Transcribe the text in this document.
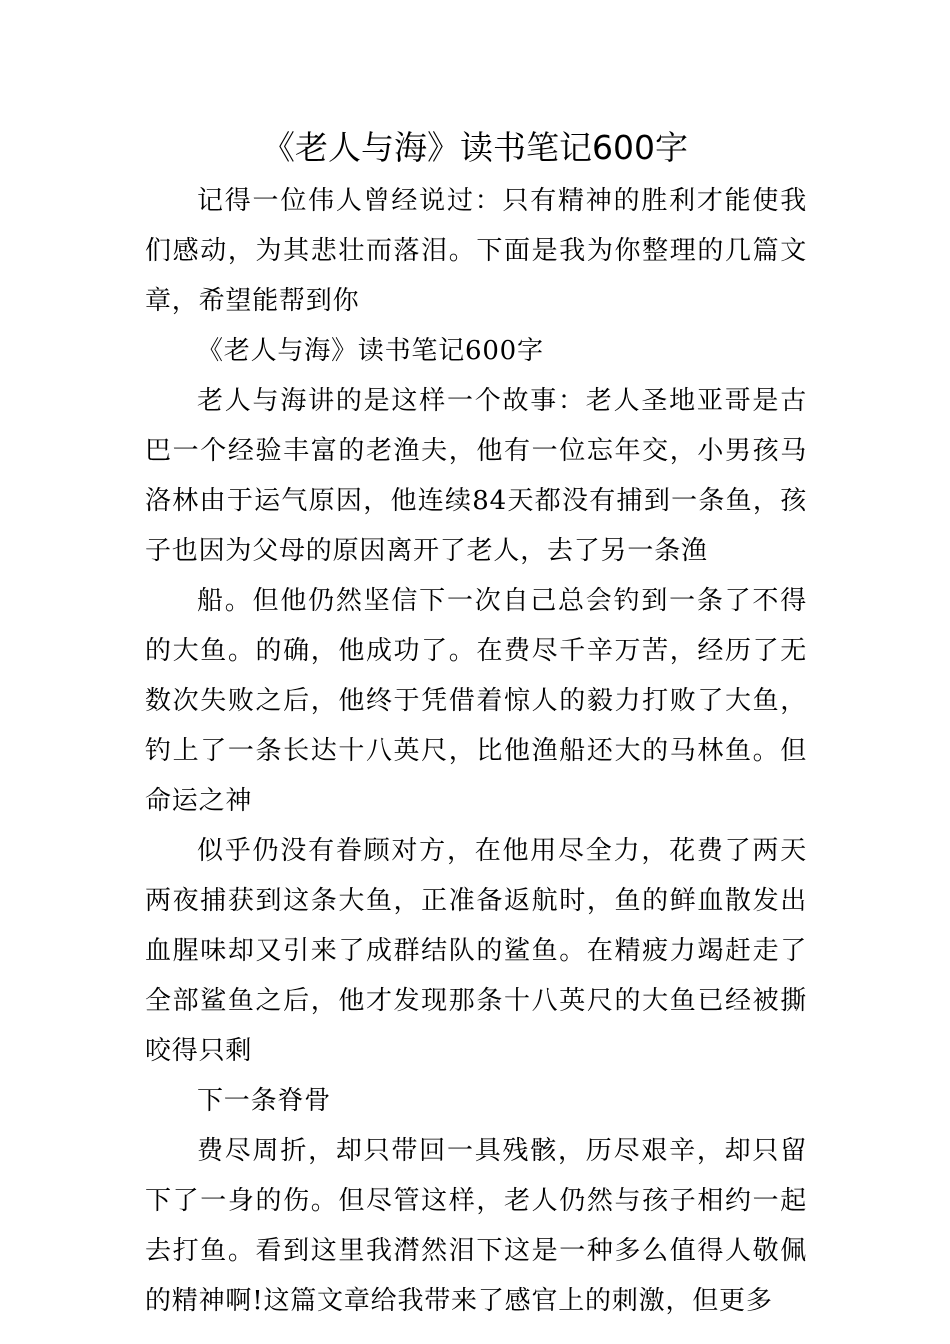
《老人与海》读书笔记600字

记得一位伟人曾经说过：只有精神的胜利才能使我们感动，为其悲壮而落泪。下面是我为你整理的几篇文章，希望能帮到你

《老人与海》读书笔记600字

老人与海讲的是这样一个故事：老人圣地亚哥是古巴一个经验丰富的老渔夫，他有一位忘年交，小男孩马洛林由于运气原因，他连续84天都没有捕到一条鱼，孩子也因为父母的原因离开了老人，去了另一条渔

船。但他仍然坚信下一次自己总会钓到一条了不得的大鱼。的确，他成功了。在费尽千辛万苦，经历了无数次失败之后，他终于凭借着惊人的毅力打败了大鱼，钓上了一条长达十八英尺，比他渔船还大的马林鱼。但命运之神

似乎仍没有眷顾对方，在他用尽全力，花费了两天两夜捕获到这条大鱼，正准备返航时，鱼的鲜血散发出血腥味却又引来了成群结队的鲨鱼。在精疲力竭赶走了全部鲨鱼之后，他才发现那条十八英尺的大鱼已经被撕咬得只剩

下一条脊骨

费尽周折，却只带回一具残骸，历尽艰辛，却只留下了一身的伤。但尽管这样，老人仍然与孩子相约一起去打鱼。看到这里我潸然泪下这是一种多么值得人敬佩的精神啊!这篇文章给我带来了感官上的刺激，但更多
